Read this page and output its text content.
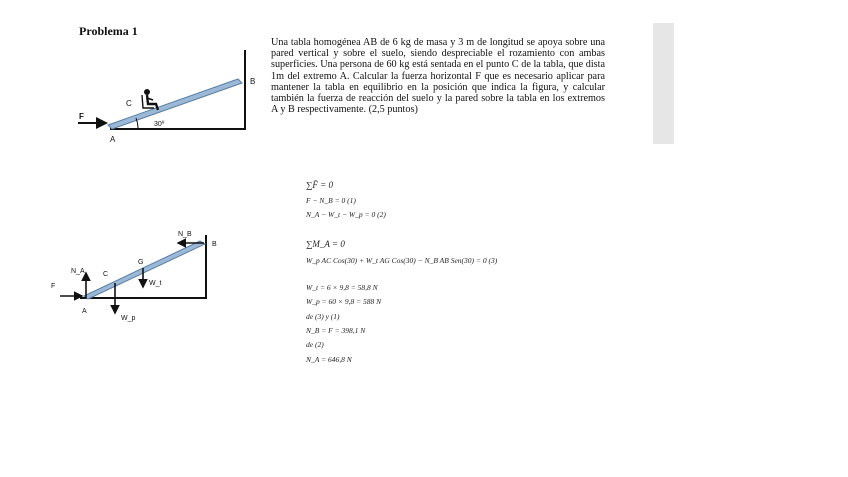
Problema 1

Una tabla homogénea AB de 6 kg de masa y 3 m de longitud se apoya sobre una pared vertical y sobre el suelo, siendo despreciable el rozamiento con ambas superficies. Una persona de 60 kg está sentada en el punto C de la tabla, que dista 1m del extremo A. Calcular la fuerza horizontal F que es necesario aplicar para mantener la tabla en equilibrio en la posición que indica la figura, y calcular también la fuerza de reacción del suelo y la pared sobre la tabla en los extremos A y B respectivamente. (2,5 puntos)

F
C
A
B
30º
N_B
B
G
N_A	C
F
A
W_t
W_p
∑F̄ = 0
F − N_B = 0 (1)
N_A − W_t − W_p = 0 (2)
∑M_A = 0
W_p AC Cos(30) + W_t AG Cos(30) − N_B AB Sen(30) = 0 (3)
W_t = 6 × 9,8 = 58,8 N
W_p = 60 × 9,8 = 588 N
de (3) y (1)
N_B = F = 398,1 N
de (2)
N_A = 646,8 N
